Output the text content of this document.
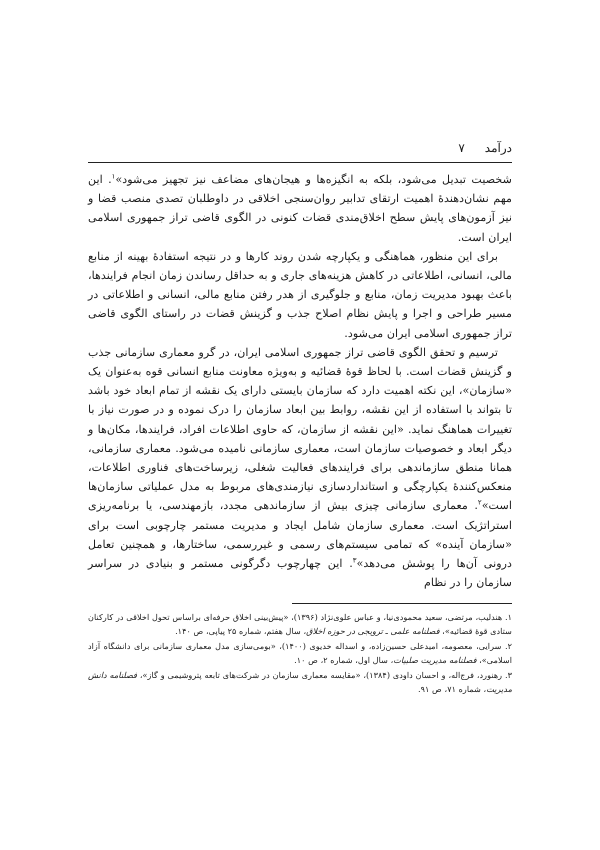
درآمد
۷

شخصیت تبدیل می‌شود، بلکه به انگیزه‌ها و هیجان‌های مضاعف نیز تجهیز می‌شود»$^۱$. این مهم نشان‌دهندۀ اهمیت ارتقای تدابیر روان‌سنجی اخلاقی در داوطلبان تصدی منصب قضا و نیز آزمون‌های پایش سطح اخلاق‌مندی قضات کنونی در الگوی قاضی تراز جمهوری اسلامی ایران است.

برای این منظور، هماهنگی و یکپارچه شدن روند کارها و در نتیجه استفادۀ بهینه از منابع مالی، انسانی، اطلاعاتی در کاهش هزینه‌های جاری و به حداقل رساندن زمان انجام فرایندها، باعث بهبود مدیریت زمان، منابع و جلوگیری از هدر رفتن منابع مالی، انسانی و اطلاعاتی در مسیر طراحی و اجرا و پایش نظام اصلاح جذب و گزینش قضات در راستای الگوی قاضی تراز جمهوری اسلامی ایران می‌شود.

ترسیم و تحقق الگوی قاضی تراز جمهوری اسلامی ایران، در گرو معماری سازمانی جذب و گزینش قضات است. با لحاظ قوۀ قضائیه و به‌ویژه معاونت منابع انسانی قوه به‌عنوان یک «سازمان»، این نکته اهمیت دارد که سازمان بایستی دارای یک نقشه از تمام ابعاد خود باشد تا بتواند با استفاده از این نقشه، روابط بین ابعاد سازمان را درک نموده و در صورت نیاز با تغییرات هماهنگ نماید. «این نقشه از سازمان، که حاوی اطلاعات افراد، فرایندها، مکان‌ها و دیگر ابعاد و خصوصیات سازمان است، معماری سازمانی نامیده می‌شود. معماری سازمانی، همانا منطق سازماندهی برای فرایندهای فعالیت شغلی، زیرساخت‌های فناوری اطلاعات، منعکس‌کنندۀ یکپارچگی و استانداردسازی نیازمندی‌های مربوط به مدل عملیاتی سازمان‌ها است»$^۲$. معماری سازمانی چیزی بیش از سازماندهی مجدد، بازمهندسی، یا برنامه‌ریزی استراتژیک است. معماری سازمان شامل ایجاد و مدیریت مستمر چارچوبی است برای «سازمان آینده» که تمامی سیستم‌های رسمی و غیررسمی، ساختارها، و همچنین تعامل درونی آن‌ها را پوشش می‌دهد»$^۳$. این چهارچوب دگرگونی مستمر و بنیادی در سراسر سازمان را در نظام

۱. هندلیب، مرتضی، سعید محمودی‌نیا، و عباس علوی‌نژاد (۱۳۹۶)، «پیش‌بینی اخلاق حرفه‌ای براساس تحول اخلاقی در کارکنان ستادی قوۀ قضائیه»، فصلنامه علمی ـ ترویجی در حوزه اخلاق، سال هفتم، شماره ۲۵ پیاپی، ص ۱۴۰.

۲. سرایی، معصومه، امیدعلی حسین‌زاده، و اسداله خدیوی (۱۴۰۰)، «بومی‌سازی مدل معماری سازمانی برای دانشگاه آزاد اسلامی»، فصلنامه مدیریت صلبیات، سال اول، شماره ۲، ص ۱۰.

۳. رهنورد، فرج‌اله، و احسان داودی (۱۳۸۴)، «مقایسه معماری سازمان در شرکت‌های تابعه پتروشیمی و گاز»، فصلنامه دانش مدیریت، شماره ۷۱، ص ۹۱.
